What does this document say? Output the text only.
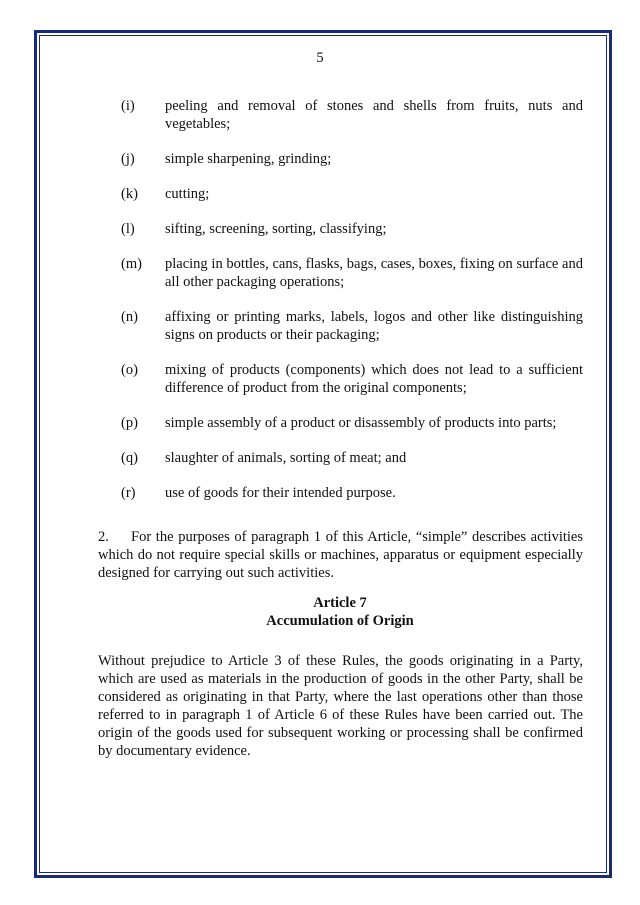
5
(i) peeling and removal of stones and shells from fruits, nuts and vegetables;
(j) simple sharpening, grinding;
(k) cutting;
(l) sifting, screening, sorting, classifying;
(m) placing in bottles, cans, flasks, bags, cases, boxes, fixing on surface and all other packaging operations;
(n) affixing or printing marks, labels, logos and other like distinguishing signs on products or their packaging;
(o) mixing of products (components) which does not lead to a sufficient difference of product from the original components;
(p) simple assembly of a product or disassembly of products into parts;
(q) slaughter of animals, sorting of meat; and
(r) use of goods for their intended purpose.

2. For the purposes of paragraph 1 of this Article, “simple” describes activities which do not require special skills or machines, apparatus or equipment especially designed for carrying out such activities.

Article 7

Accumulation of Origin

Without prejudice to Article 3 of these Rules, the goods originating in a Party, which are used as materials in the production of goods in the other Party, shall be considered as originating in that Party, where the last operations other than those referred to in paragraph 1 of Article 6 of these Rules have been carried out. The origin of the goods used for subsequent working or processing shall be confirmed by documentary evidence.
